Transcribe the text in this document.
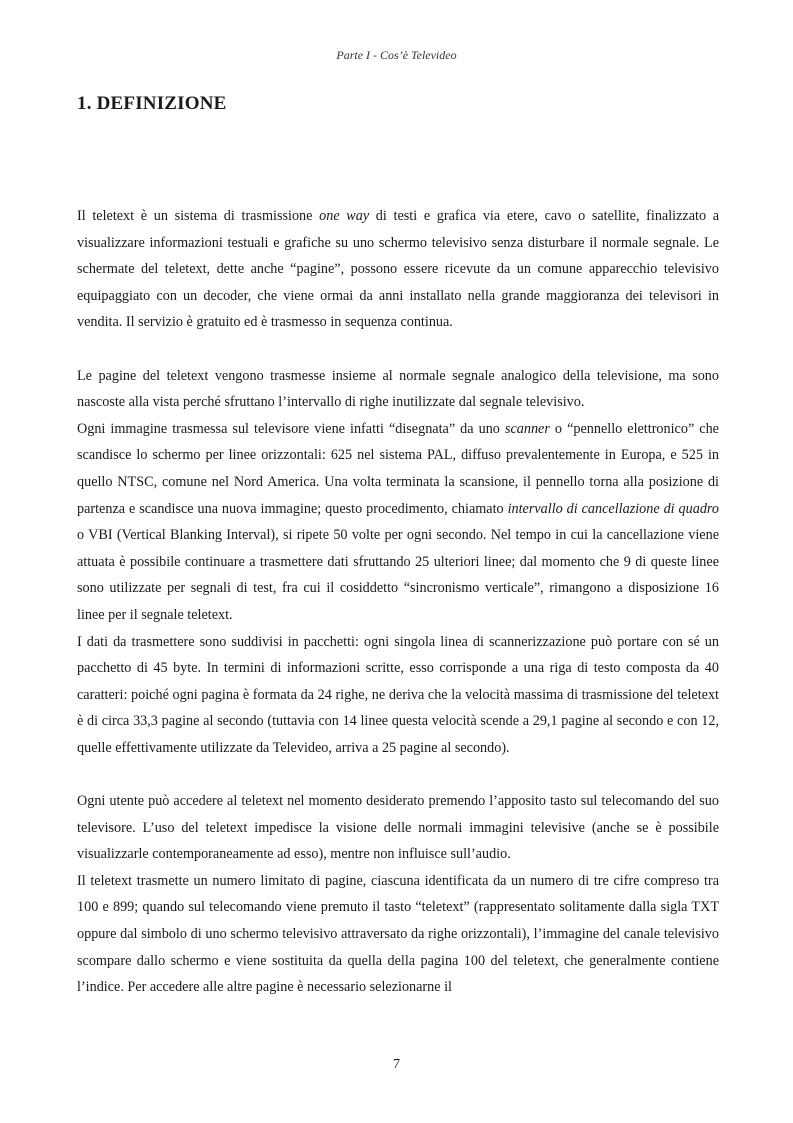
Parte I - Cos’è Televideo
1. DEFINIZIONE

Il teletext è un sistema di trasmissione one way di testi e grafica via etere, cavo o satellite, finalizzato a visualizzare informazioni testuali e grafiche su uno schermo televisivo senza disturbare il normale segnale. Le schermate del teletext, dette anche “pagine”, possono essere ricevute da un comune apparecchio televisivo equipaggiato con un decoder, che viene ormai da anni installato nella grande maggioranza dei televisori in vendita. Il servizio è gratuito ed è trasmesso in sequenza continua.

Le pagine del teletext vengono trasmesse insieme al normale segnale analogico della televisione, ma sono nascoste alla vista perché sfruttano l’intervallo di righe inutilizzate dal segnale televisivo.

Ogni immagine trasmessa sul televisore viene infatti “disegnata” da uno scanner o “pennello elettronico” che scandisce lo schermo per linee orizzontali: 625 nel sistema PAL, diffuso prevalentemente in Europa, e 525 in quello NTSC, comune nel Nord America. Una volta terminata la scansione, il pennello torna alla posizione di partenza e scandisce una nuova immagine; questo procedimento, chiamato intervallo di cancellazione di quadro o VBI (Vertical Blanking Interval), si ripete 50 volte per ogni secondo. Nel tempo in cui la cancellazione viene attuata è possibile continuare a trasmettere dati sfruttando 25 ulteriori linee; dal momento che 9 di queste linee sono utilizzate per segnali di test, fra cui il cosiddetto “sincronismo verticale”, rimangono a disposizione 16 linee per il segnale teletext.

I dati da trasmettere sono suddivisi in pacchetti: ogni singola linea di scannerizzazione può portare con sé un pacchetto di 45 byte. In termini di informazioni scritte, esso corrisponde a una riga di testo composta da 40 caratteri: poiché ogni pagina è formata da 24 righe, ne deriva che la velocità massima di trasmissione del teletext è di circa 33,3 pagine al secondo (tuttavia con 14 linee questa velocità scende a 29,1 pagine al secondo e con 12, quelle effettivamente utilizzate da Televideo, arriva a 25 pagine al secondo).

Ogni utente può accedere al teletext nel momento desiderato premendo l’apposito tasto sul telecomando del suo televisore. L’uso del teletext impedisce la visione delle normali immagini televisive (anche se è possibile visualizzarle contemporaneamente ad esso), mentre non influisce sull’audio.

Il teletext trasmette un numero limitato di pagine, ciascuna identificata da un numero di tre cifre compreso tra 100 e 899; quando sul telecomando viene premuto il tasto “teletext” (rappresentato solitamente dalla sigla TXT oppure dal simbolo di uno schermo televisivo attraversato da righe orizzontali), l’immagine del canale televisivo scompare dallo schermo e viene sostituita da quella della pagina 100 del teletext, che generalmente contiene l’indice. Per accedere alle altre pagine è necessario selezionarne il

7
